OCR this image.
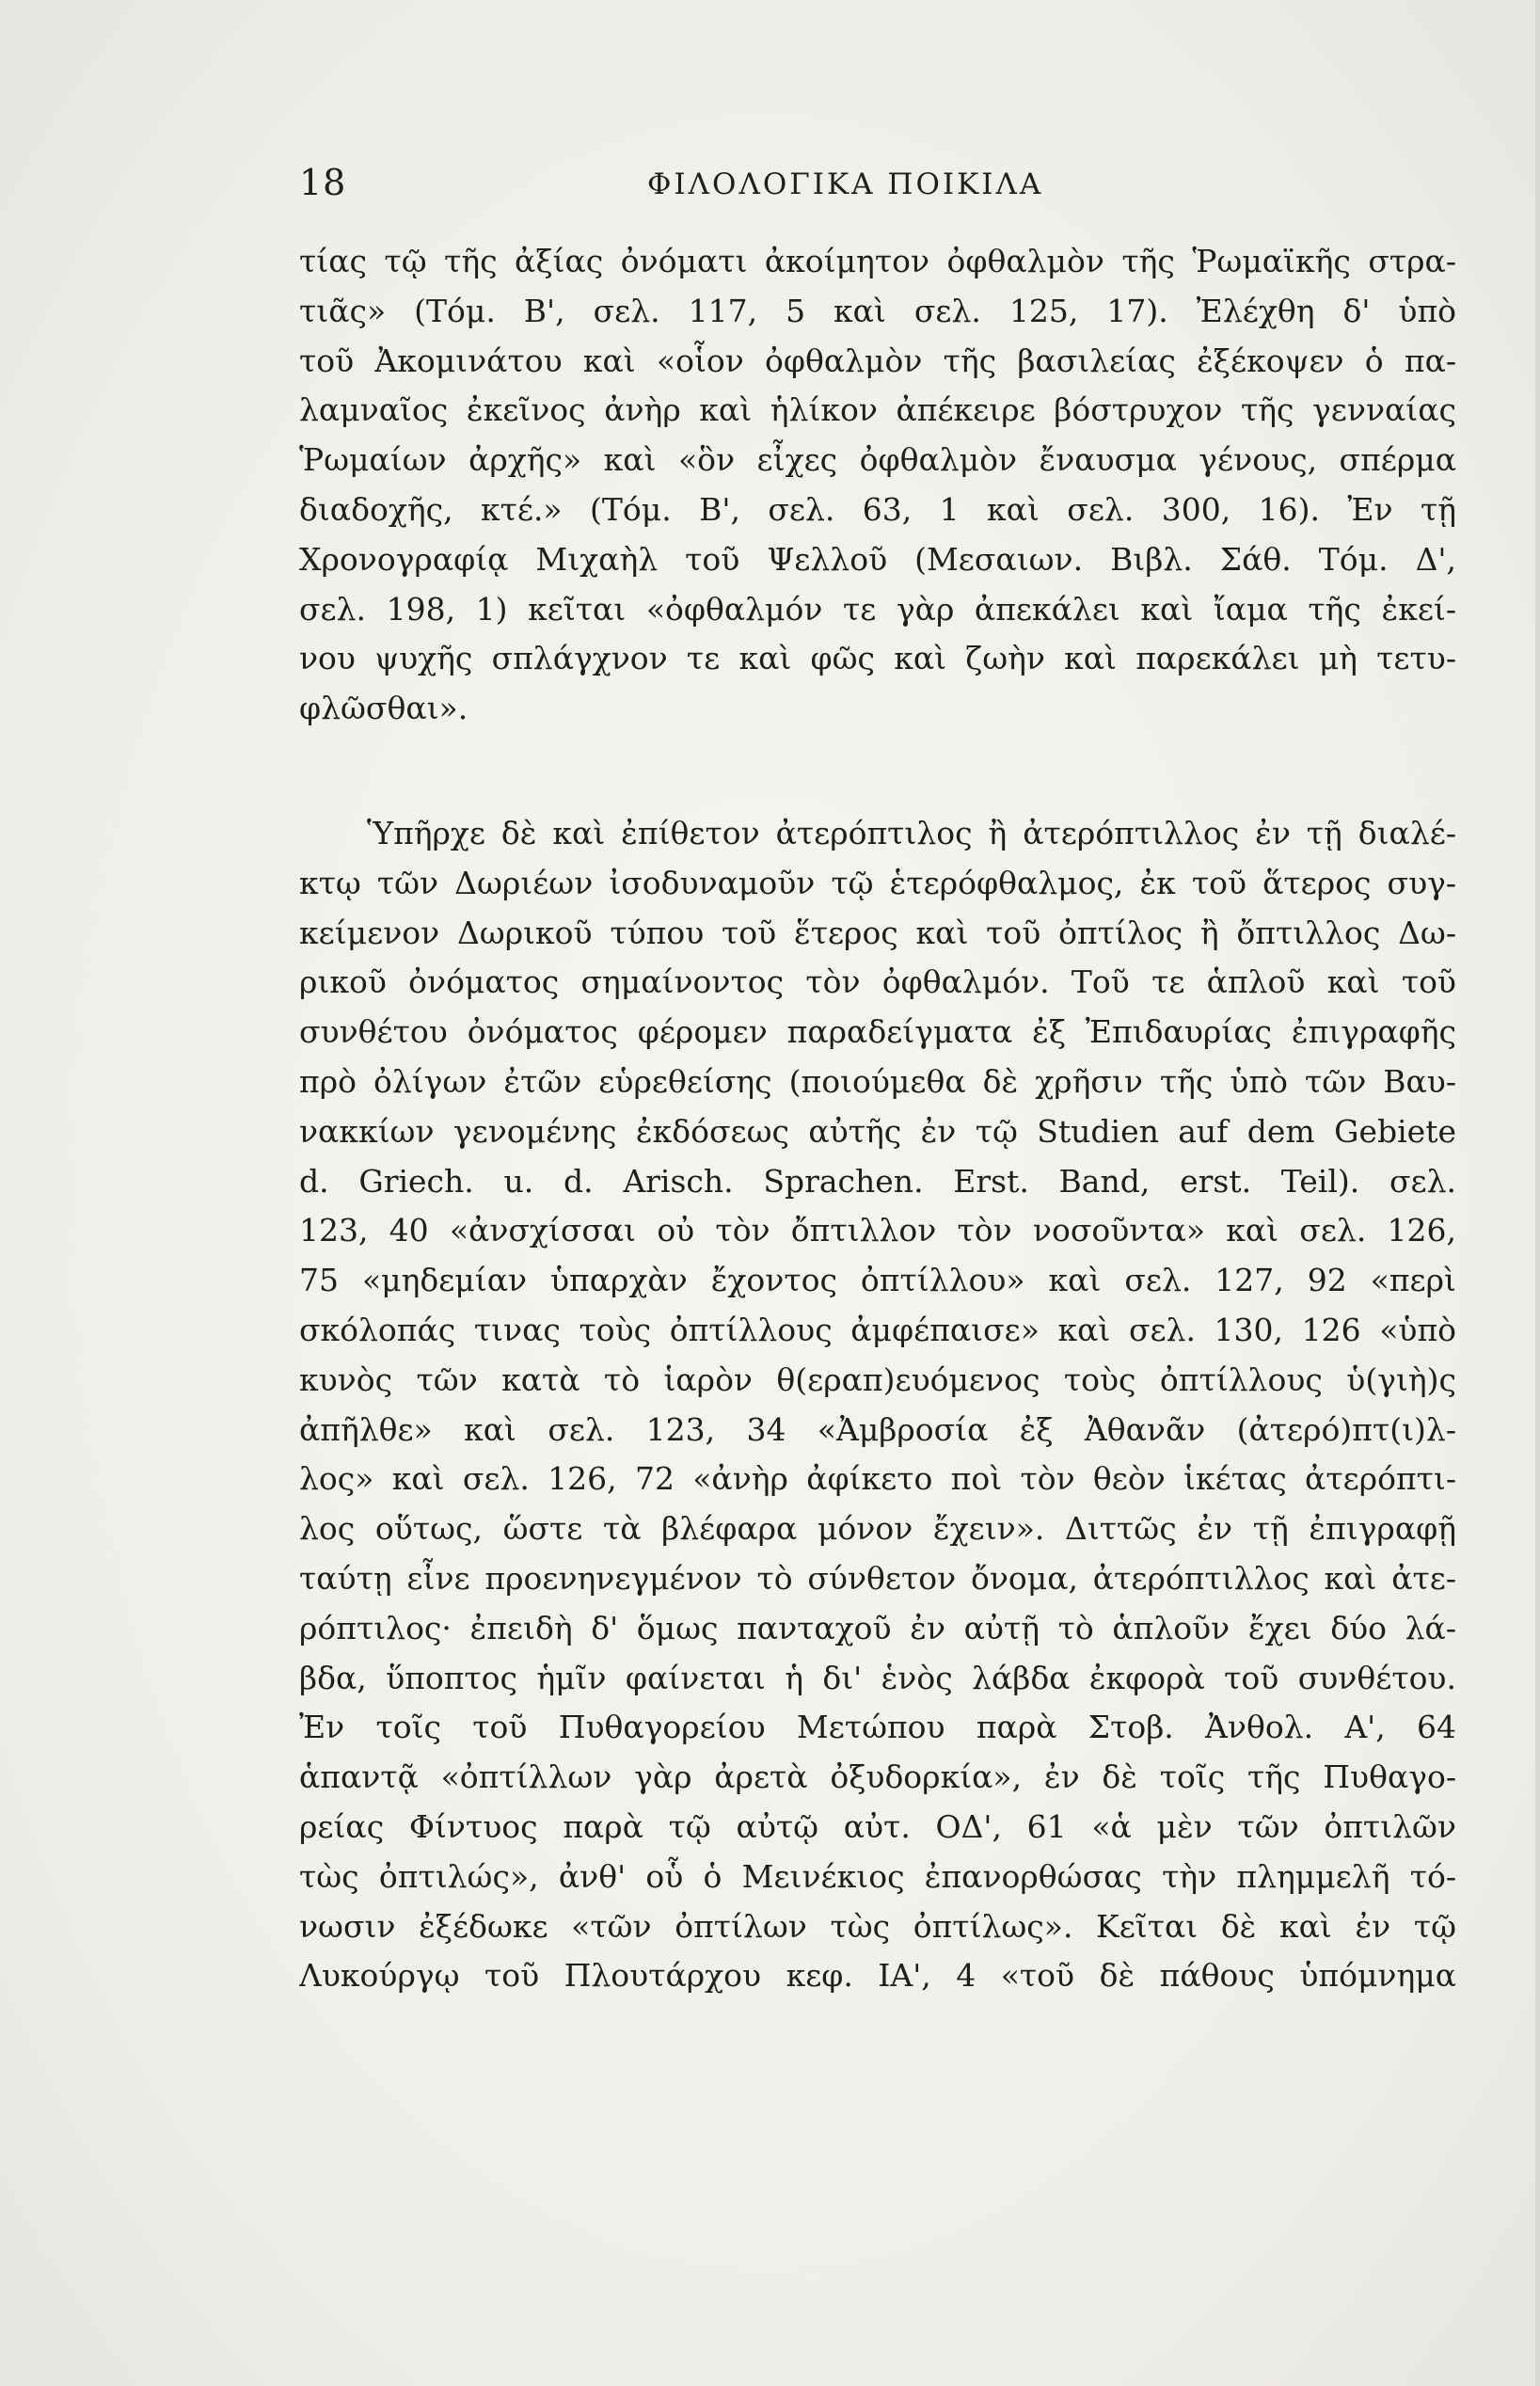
18	ΦΙΛΟΛΟΓΙΚΑ ΠΟΙΚΙΛΑ
τίας τῷ τῆς ἀξίας ὀνόματι ἀκοίμητον ὀφθαλμὸν τῆς Ῥωμαϊκῆς στρα-
τιᾶς» (Τόμ. Β', σελ. 117, 5 καὶ σελ. 125, 17). Ἐλέχθη δ' ὑπὸ
τοῦ Ἀκομινάτου καὶ «οἷον ὀφθαλμὸν τῆς βασιλείας ἐξέκοψεν ὁ πα-
λαμναῖος ἐκεῖνος ἀνὴρ καὶ ἡλίκον ἀπέκειρε βόστρυχον τῆς γενναίας
Ῥωμαίων ἀρχῆς» καὶ «ὃν εἶχες ὀφθαλμὸν ἔναυσμα γένους, σπέρμα
διαδοχῆς, κτέ.» (Τόμ. Β', σελ. 63, 1 καὶ σελ. 300, 16). Ἐν τῇ
Χρονογραφίᾳ Μιχαὴλ τοῦ Ψελλοῦ (Μεσαιων. Βιβλ. Σάθ. Τόμ. Δ',
σελ. 198, 1) κεῖται «ὀφθαλμόν τε γὰρ ἀπεκάλει καὶ ἴαμα τῆς ἐκεί-
νου ψυχῆς σπλάγχνον τε καὶ φῶς καὶ ζωὴν καὶ παρεκάλει μὴ τετυ-
φλῶσθαι».
Ὑπῆρχε δὲ καὶ ἐπίθετον ἀτερόπτιλος ἢ ἀτερόπτιλλος ἐν τῇ διαλέ-
κτῳ τῶν Δωριέων ἰσοδυναμοῦν τῷ ἑτερόφθαλμος, ἐκ τοῦ ἅτερος συγ-
κείμενον Δωρικοῦ τύπου τοῦ ἕτερος καὶ τοῦ ὀπτίλος ἢ ὄπτιλλος Δω-
ρικοῦ ὀνόματος σημαίνοντος τὸν ὀφθαλμόν. Τοῦ τε ἁπλοῦ καὶ τοῦ
συνθέτου ὀνόματος φέρομεν παραδείγματα ἐξ Ἐπιδαυρίας ἐπιγραφῆς
πρὸ ὀλίγων ἐτῶν εὑρεθείσης (ποιούμεθα δὲ χρῆσιν τῆς ὑπὸ τῶν Βαυ-
νακκίων γενομένης ἐκδόσεως αὐτῆς ἐν τῷ Studien auf dem Gebiete
d. Griech. u. d. Arisch. Sprachen. Erst. Band, erst. Teil). σελ.
123, 40 «ἀνσχίσσαι οὐ τὸν ὄπτιλλον τὸν νοσοῦντα» καὶ σελ. 126,
75 «μηδεμίαν ὑπαρχὰν ἔχοντος ὀπτίλλου» καὶ σελ. 127, 92 «περὶ
σκόλοπάς τινας τοὺς ὀπτίλλους ἀμφέπαισε» καὶ σελ. 130, 126 «ὑπὸ
κυνὸς τῶν κατὰ τὸ ἱαρὸν θ(εραπ)ευόμενος τοὺς ὀπτίλλους ὑ(γιὴ)ς
ἀπῆλθε» καὶ σελ. 123, 34 «Ἀμβροσία ἐξ Ἀθανᾶν (ἀτερό)πτ(ι)λ-
λος» καὶ σελ. 126, 72 «ἀνὴρ ἀφίκετο ποὶ τὸν θεὸν ἱκέτας ἀτερόπτι-
λος οὕτως, ὥστε τὰ βλέφαρα μόνον ἔχειν». Διττῶς ἐν τῇ ἐπιγραφῇ
ταύτῃ εἶνε προενηνεγμένον τὸ σύνθετον ὄνομα, ἀτερόπτιλλος καὶ ἀτε-
ρόπτιλος· ἐπειδὴ δ' ὅμως πανταχοῦ ἐν αὐτῇ τὸ ἁπλοῦν ἔχει δύο λά-
βδα, ὕποπτος ἡμῖν φαίνεται ἡ δι' ἑνὸς λάβδα ἐκφορὰ τοῦ συνθέτου.
Ἐν τοῖς τοῦ Πυθαγορείου Μετώπου παρὰ Στοβ. Ἀνθολ. Α', 64
ἁπαντᾷ «ὀπτίλλων γὰρ ἀρετὰ ὀξυδορκία», ἐν δὲ τοῖς τῆς Πυθαγο-
ρείας Φίντυος παρὰ τῷ αὐτῷ αὐτ. ΟΔ', 61 «ἁ μὲν τῶν ὀπτιλῶν
τὼς ὀπτιλώς», ἀνθ' οὗ ὁ Μεινέκιος ἐπανορθώσας τὴν πλημμελῆ τό-
νωσιν ἐξέδωκε «τῶν ὀπτίλων τὼς ὀπτίλως». Κεῖται δὲ καὶ ἐν τῷ
Λυκούργῳ τοῦ Πλουτάρχου κεφ. ΙΑ', 4 «τοῦ δὲ πάθους ὑπόμνημα
